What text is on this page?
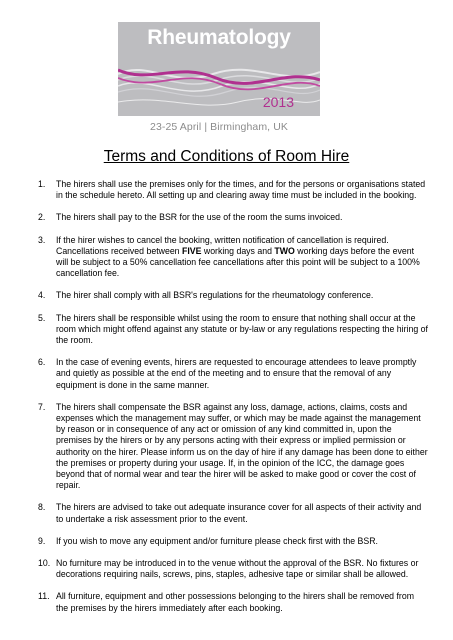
Rheumatology
2013
23-25 April | Birmingham, UK
Terms and Conditions of Room Hire
1. The hirers shall use the premises only for the times, and for the persons or organisations stated in the schedule hereto. All setting up and clearing away time must be included in the booking.
2. The hirers shall pay to the BSR for the use of the room the sums invoiced.
3. If the hirer wishes to cancel the booking, written notification of cancellation is required. Cancellations received between FIVE working days and TWO working days before the event will be subject to a 50% cancellation fee cancellations after this point will be subject to a 100% cancellation fee.
4. The hirer shall comply with all BSR's regulations for the rheumatology conference.
5. The hirers shall be responsible whilst using the room to ensure that nothing shall occur at the room which might offend against any statute or by-law or any regulations respecting the hiring of the room.
6. In the case of evening events, hirers are requested to encourage attendees to leave promptly and quietly as possible at the end of the meeting and to ensure that the removal of any equipment is done in the same manner.
7. The hirers shall compensate the BSR against any loss, damage, actions, claims, costs and expenses which the management may suffer, or which may be made against the management by reason or in consequence of any act or omission of any kind committed in, upon the premises by the hirers or by any persons acting with their express or implied permission or authority on the hirer. Please inform us on the day of hire if any damage has been done to either the premises or property during your usage. If, in the opinion of the ICC, the damage goes beyond that of normal wear and tear the hirer will be asked to make good or cover the cost of repair.
8. The hirers are advised to take out adequate insurance cover for all aspects of their activity and to undertake a risk assessment prior to the event.
9. If you wish to move any equipment and/or furniture please check first with the BSR.
10. No furniture may be introduced in to the venue without the approval of the BSR. No fixtures or decorations requiring nails, screws, pins, staples, adhesive tape or similar shall be allowed.
11. All furniture, equipment and other possessions belonging to the hirers shall be removed from the premises by the hirers immediately after each booking.
